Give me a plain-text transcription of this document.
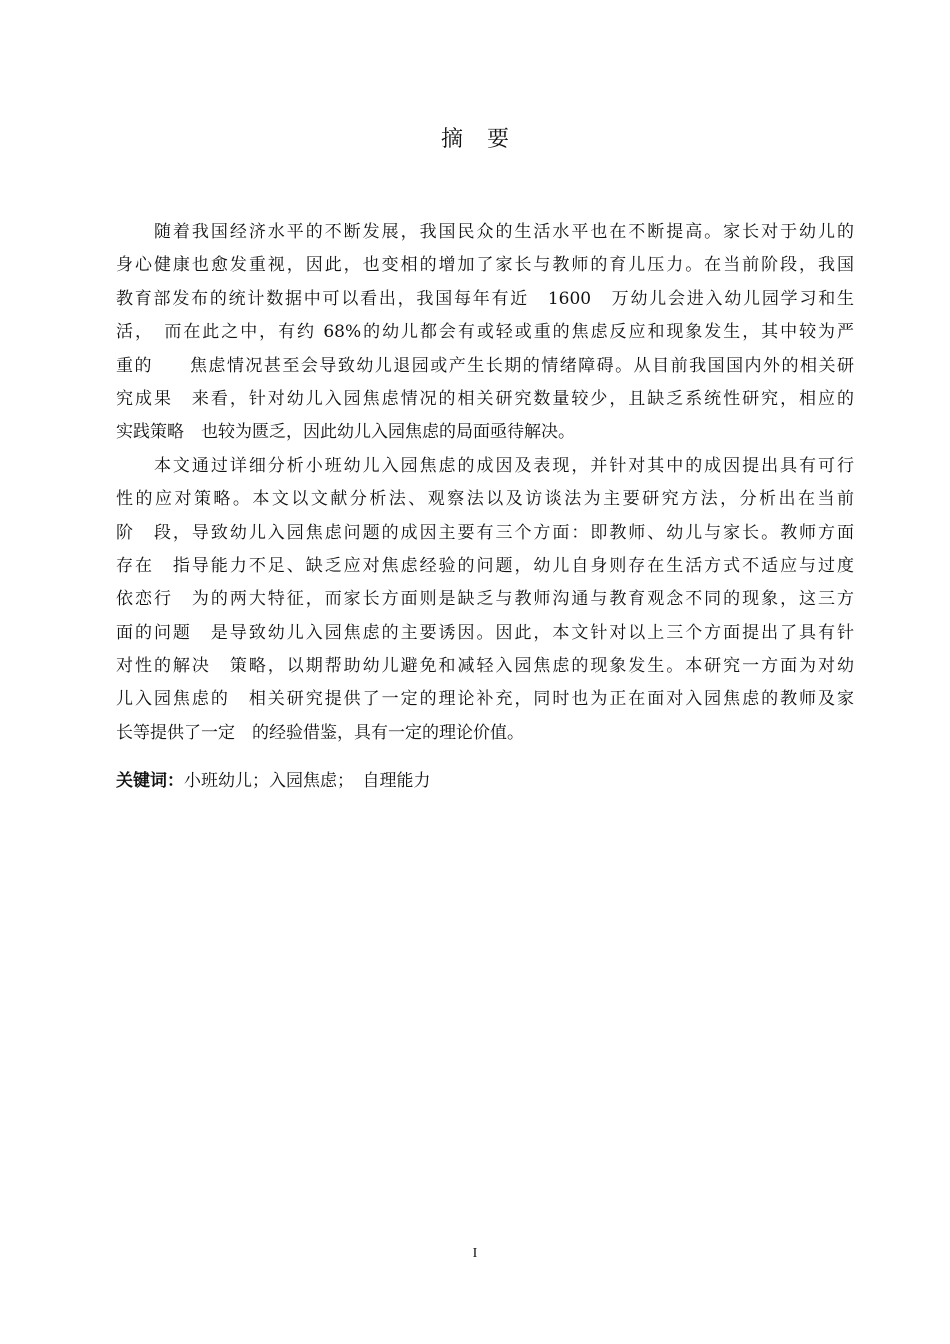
摘要
　　随着我国经济水平的不断发展，我国民众的生活水平也在不断提高。家长对于幼儿的
身心健康也愈发重视，因此，也变相的增加了家长与教师的育儿压力。在当前阶段，我国
教育部发布的统计数据中可以看出，我国每年有近　1600　万幼儿会进入幼儿园学习和生
活，　而在此之中，有约 68%的幼儿都会有或轻或重的焦虑反应和现象发生，其中较为严
重的　　焦虑情况甚至会导致幼儿退园或产生长期的情绪障碍。从目前我国国内外的相关研
究成果　来看，针对幼儿入园焦虑情况的相关研究数量较少，且缺乏系统性研究，相应的
实践策略　也较为匮乏，因此幼儿入园焦虑的局面亟待解决。
　　本文通过详细分析小班幼儿入园焦虑的成因及表现，并针对其中的成因提出具有可行
性的应对策略。本文以文献分析法、观察法以及访谈法为主要研究方法，分析出在当前
阶　段，导致幼儿入园焦虑问题的成因主要有三个方面：即教师、幼儿与家长。教师方面
存在　指导能力不足、缺乏应对焦虑经验的问题，幼儿自身则存在生活方式不适应与过度
依恋行　为的两大特征，而家长方面则是缺乏与教师沟通与教育观念不同的现象，这三方
面的问题　是导致幼儿入园焦虑的主要诱因。因此，本文针对以上三个方面提出了具有针
对性的解决　策略，以期帮助幼儿避免和减轻入园焦虑的现象发生。本研究一方面为对幼
儿入园焦虑的　相关研究提供了一定的理论补充，同时也为正在面对入园焦虑的教师及家
长等提供了一定　的经验借鉴，具有一定的理论价值。
关键词：小班幼儿；入园焦虑；　自理能力
I
